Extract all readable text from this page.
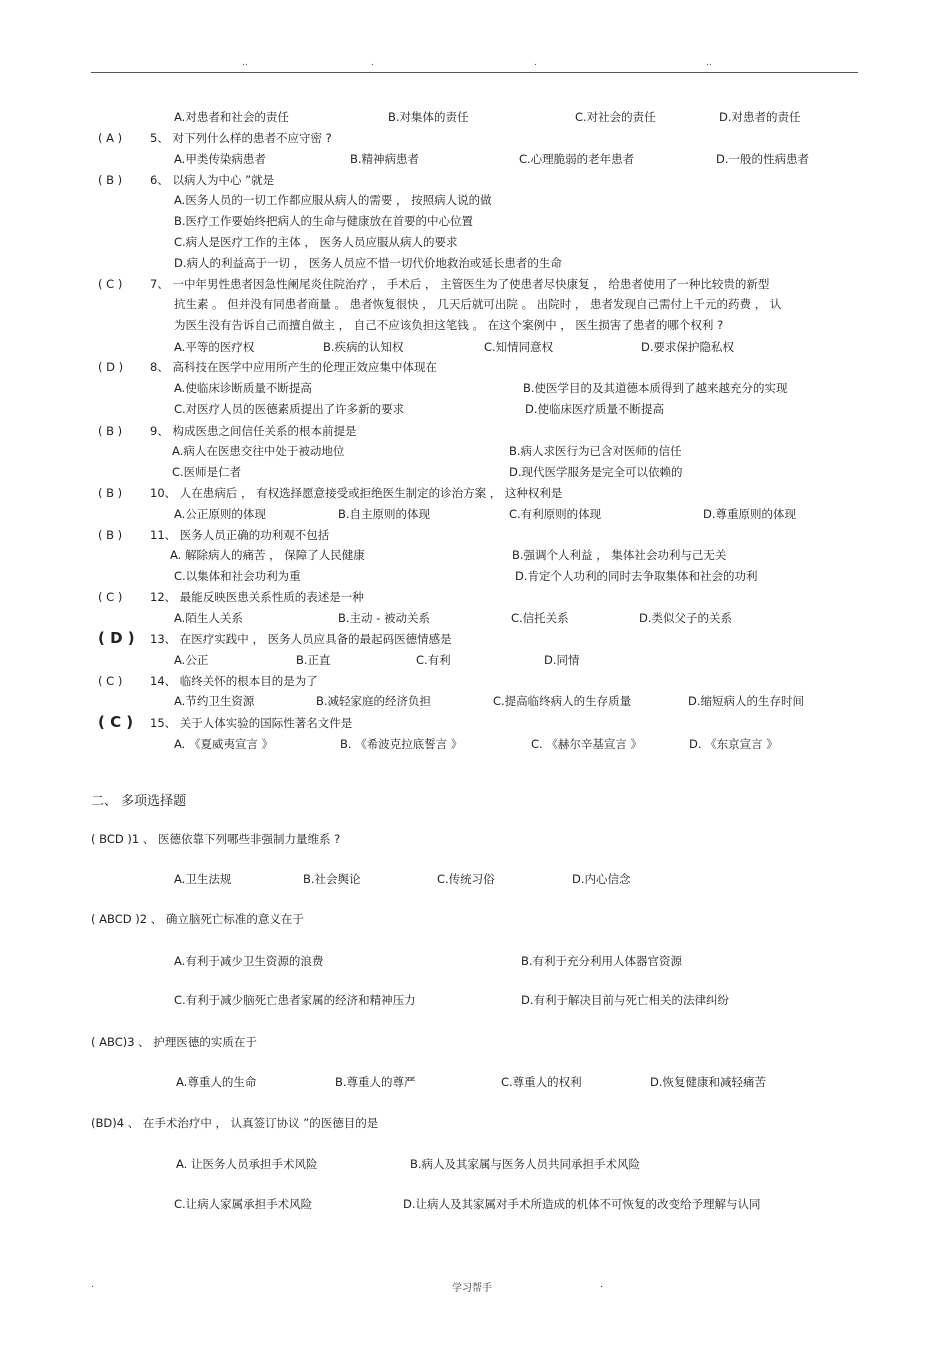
..	.	.	..
A.对患者和社会的责任	B.对集体的责任	C.对社会的责任	D.对患者的责任
( A ) 5、 对下列什么样的患者不应守密 ?
A.甲类传染病患者	B.精神病患者	C.心理脆弱的老年患者	D.一般的性病患者
( B ) 6、 以病人为中心 ”就是
A.医务人员的一切工作都应服从病人的需要 ， 按照病人说的做
B.医疗工作要始终把病人的生命与健康放在首要的中心位置
C.病人是医疗工作的主体 ， 医务人员应服从病人的要求
D.病人的利益高于一切 ， 医务人员应不惜一切代价地救治或延长患者的生命
( C ) 7、 一中年男性患者因急性阑尾炎住院治疗 ， 手术后 ， 主管医生为了使患者尽快康复 ， 给患者使用了一种比较贵的新型
抗生素 。 但并没有同患者商量 。 患者恢复很快 ， 几天后就可出院 。 出院时 ， 患者发现自己需付上千元的药费 ， 认
为医生没有告诉自己而擅自做主 ， 自己不应该负担这笔钱 。 在这个案例中 ， 医生损害了患者的哪个权利 ?
A.平等的医疗权	B.疾病的认知权	C.知情同意权	D.要求保护隐私权
( D ) 8、 高科技在医学中应用所产生的伦理正效应集中体现在
A.使临床诊断质量不断提高	B.使医学目的及其道德本质得到了越来越充分的实现
C.对医疗人员的医德素质提出了许多新的要求	D.使临床医疗质量不断提高
( B ) 9、 构成医患之间信任关系的根本前提是
A.病人在医患交往中处于被动地位	B.病人求医行为已含对医师的信任
C.医师是仁者	D.现代医学服务是完全可以依赖的
( B ) 10、 人在患病后 ， 有权选择愿意接受或拒绝医生制定的诊治方案 ， 这种权利是
A.公正原则的体现	B.自主原则的体现	C.有利原则的体现	D.尊重原则的体现
( B ) 11、 医务人员正确的功利观不包括
A. 解除病人的痛苦 ， 保障了人民健康	B.强调个人利益 ， 集体社会功利与己无关
C.以集体和社会功利为重	D.肯定个人功利的同时去争取集体和社会的功利
( C ) 12、 最能反映医患关系性质的表述是一种
A.陌生人关系	B.主动 - 被动关系	C.信托关系	D.类似父子的关系
( D ) 13、 在医疗实践中 ， 医务人员应具备的最起码医德情感是
A.公正	B.正直	C.有利	D.同情
( C ) 14、 临终关怀的根本目的是为了
A.节约卫生资源	B.减轻家庭的经济负担	C.提高临终病人的生存质量	D.缩短病人的生存时间
( C ) 15、 关于人体实验的国际性著名文件是
A. 《夏威夷宣言 》	B. 《希波克拉底誓言 》	C. 《赫尔辛基宣言 》	D. 《东京宣言 》
二、 多项选择题
( BCD )1 、 医德依靠下列哪些非强制力量维系 ?
A.卫生法规	B.社会舆论	C.传统习俗	D.内心信念
( ABCD )2 、 确立脑死亡标准的意义在于
A.有利于减少卫生资源的浪费	B.有利于充分利用人体器官资源
C.有利于减少脑死亡患者家属的经济和精神压力	D.有利于解决目前与死亡相关的法律纠纷
( ABC)3 、 护理医德的实质在于
A.尊重人的生命	B.尊重人的尊严	C.尊重人的权利	D.恢复健康和减轻痛苦
(BD)4 、 在手术治疗中 ， 认真签订协议 ”的医德目的是
A. 让医务人员承担手术风险	B.病人及其家属与医务人员共同承担手术风险
C.让病人家属承担手术风险	D.让病人及其家属对手术所造成的机体不可恢复的改变给予理解与认同
.	学习帮手	.
